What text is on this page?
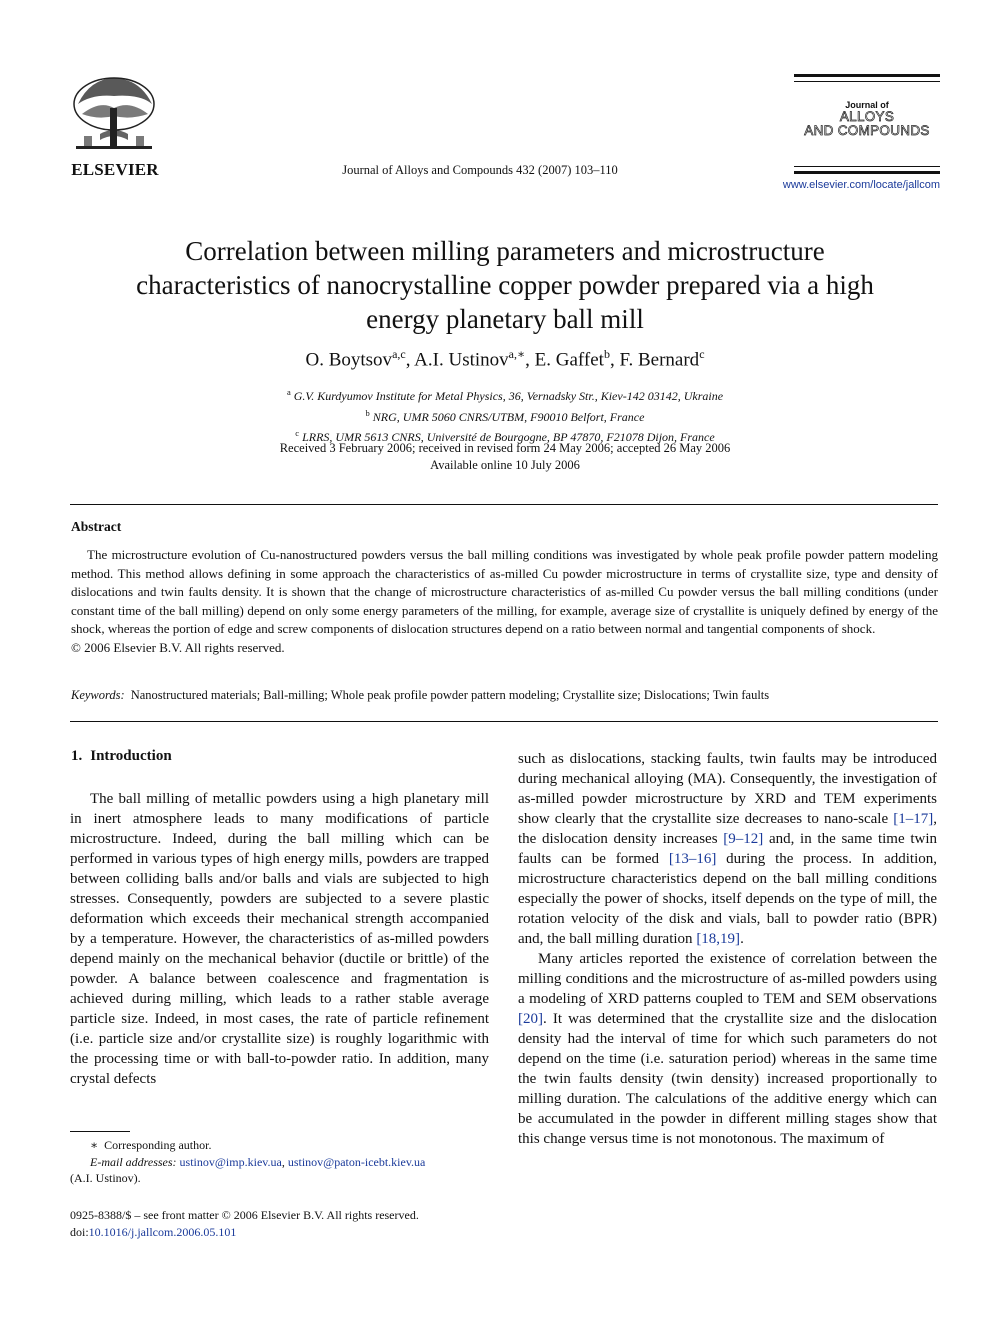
ELSEVIER	Journal of Alloys and Compounds 432 (2007) 103–110
Journal of
ALLOYS
AND COMPOUNDS
www.elsevier.com/locate/jallcom
Correlation between milling parameters and microstructure characteristics of nanocrystalline copper powder prepared via a high energy planetary ball mill
O. Boytsov$^{a,c}$, A.I. Ustinov$^{a,∗}$, E. Gaffet$^b$, F. Bernard$^c$
$^a$ G.V. Kurdyumov Institute for Metal Physics, 36, Vernadsky Str., Kiev-142 03142, Ukraine
$^b$ NRG, UMR 5060 CNRS/UTBM, F90010 Belfort, France
$^c$ LRRS, UMR 5613 CNRS, Université de Bourgogne, BP 47870, F21078 Dijon, France
Received 3 February 2006; received in revised form 24 May 2006; accepted 26 May 2006
Available online 10 July 2006
Abstract

The microstructure evolution of Cu-nanostructured powders versus the ball milling conditions was investigated by whole peak profile powder pattern modeling method. This method allows defining in some approach the characteristics of as-milled Cu powder microstructure in terms of crystallite size, type and density of dislocations and twin faults density. It is shown that the change of microstructure characteristics of as-milled Cu powder versus the ball milling conditions (under constant time of the ball milling) depend on only some energy parameters of the milling, for example, average size of crystallite is uniquely defined by energy of the shock, whereas the portion of edge and screw components of dislocation structures depend on a ratio between normal and tangential components of shock.

© 2006 Elsevier B.V. All rights reserved.

Keywords: Nanostructured materials; Ball-milling; Whole peak profile powder pattern modeling; Crystallite size; Dislocations; Twin faults
1. Introduction

The ball milling of metallic powders using a high planetary mill in inert atmosphere leads to many modifications of particle microstructure. Indeed, during the ball milling which can be performed in various types of high energy mills, powders are trapped between colliding balls and/or balls and vials are subjected to high stresses. Consequently, powders are subjected to a severe plastic deformation which exceeds their mechanical strength accompanied by a temperature. However, the characteristics of as-milled powders depend mainly on the mechanical behavior (ductile or brittle) of the powder. A balance between coalescence and fragmentation is achieved during milling, which leads to a rather stable average particle size. Indeed, in most cases, the rate of particle refinement (i.e. particle size and/or crystallite size) is roughly logarithmic with the processing time or with ball-to-powder ratio. In addition, many crystal defects

such as dislocations, stacking faults, twin faults may be introduced during mechanical alloying (MA). Consequently, the investigation of as-milled powder microstructure by XRD and TEM experiments show clearly that the crystallite size decreases to nano-scale [1–17], the dislocation density increases [9–12] and, in the same time twin faults can be formed [13–16] during the process. In addition, microstructure characteristics depend on the ball milling conditions especially the power of shocks, itself depends on the type of mill, the rotation velocity of the disk and vials, ball to powder ratio (BPR) and, the ball milling duration [18,19].

Many articles reported the existence of correlation between the milling conditions and the microstructure of as-milled powders using a modeling of XRD patterns coupled to TEM and SEM observations [20]. It was determined that the crystallite size and the dislocation density had the interval of time for which such parameters do not depend on the time (i.e. saturation period) whereas in the same time the twin faults density (twin density) increased proportionally to milling duration. The calculations of the additive energy which can be accumulated in the powder in different milling stages show that this change versus time is not monotonous. The maximum of

∗ Corresponding author.
E-mail addresses: ustinov@imp.kiev.ua, ustinov@paton-icebt.kiev.ua
(A.I. Ustinov).
0925-8388/$ – see front matter © 2006 Elsevier B.V. All rights reserved.
doi:10.1016/j.jallcom.2006.05.101
